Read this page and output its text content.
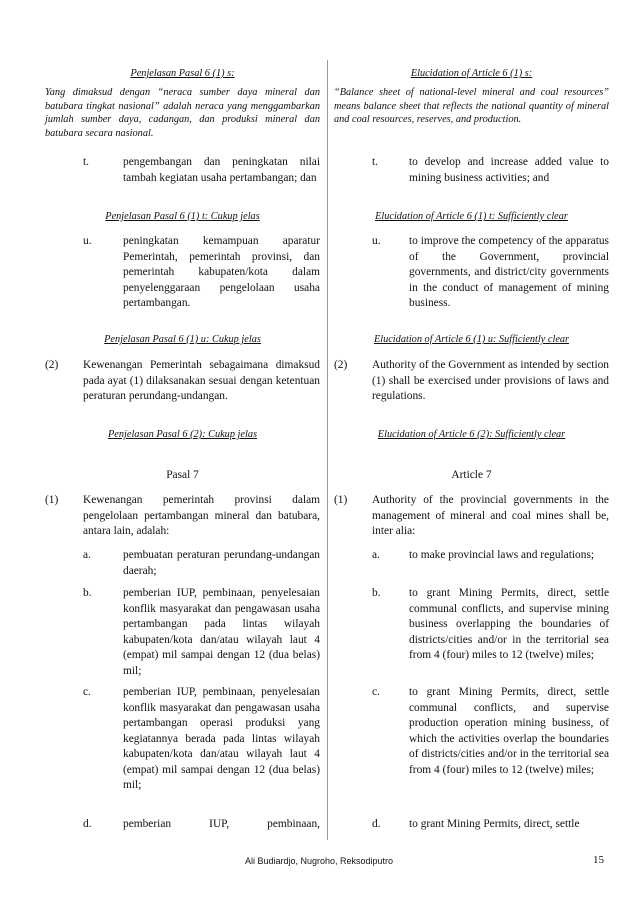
Penjelasan Pasal 6 (1) s:
Yang dimaksud dengan “neraca sumber daya mineral dan batubara tingkat nasional” adalah neraca yang menggambarkan jumlah sumber daya, cadangan, dan produksi mineral dan batubara secara nasional.
t.	pengembangan dan peningkatan nilai tambah kegiatan usaha pertambangan; dan
Penjelasan Pasal 6 (1) t: Cukup jelas
u.	peningkatan kemampuan aparatur Pemerintah, pemerintah provinsi, dan pemerintah kabupaten/kota dalam penyelenggaraan pengelolaan usaha pertambangan.
Penjelasan Pasal 6 (1) u: Cukup jelas
(2) Kewenangan Pemerintah sebagaimana dimaksud pada ayat (1) dilaksanakan sesuai dengan ketentuan peraturan perundang-undangan.
Penjelasan Pasal 6 (2): Cukup jelas
Pasal 7
(1) Kewenangan pemerintah provinsi dalam pengelolaan pertambangan mineral dan batubara, antara lain, adalah:
a.	pembuatan peraturan perundang-undangan daerah;
b.	pemberian IUP, pembinaan, penyelesaian konflik masyarakat dan pengawasan usaha pertambangan pada lintas wilayah kabupaten/kota dan/atau wilayah laut 4 (empat) mil sampai dengan 12 (dua belas) mil;
c.	pemberian IUP, pembinaan, penyelesaian konflik masyarakat dan pengawasan usaha pertambangan operasi produksi yang kegiatannya berada pada lintas wilayah kabupaten/kota dan/atau wilayah laut 4 (empat) mil sampai dengan 12 (dua belas) mil;
d.	pemberian IUP, pembinaan,
Elucidation of Article 6 (1) s:
“Balance sheet of national-level mineral and coal resources” means balance sheet that reflects the national quantity of mineral and coal resources, reserves, and production.
t.	to develop and increase added value to mining business activities; and
Elucidation of Article 6 (1) t: Sufficiently clear
u. to improve the competency of the apparatus of the Government, provincial governments, and district/city governments in the conduct of management of mining business.
Elucidation of Article 6 (1) u: Sufficiently clear
(2) Authority of the Government as intended by section (1) shall be exercised under provisions of laws and regulations.
Elucidation of Article 6 (2): Sufficiently clear
Article 7
(1) Authority of the provincial governments in the management of mineral and coal mines shall be, inter alia:
a.	to make provincial laws and regulations;
b. to grant Mining Permits, direct, settle communal conflicts, and supervise mining business overlapping the boundaries of districts/cities and/or in the territorial sea from 4 (four) miles to 12 (twelve) miles;
c.	to grant Mining Permits, direct, settle communal conflicts, and supervise production operation mining business, of which the activities overlap the boundaries of districts/cities and/or in the territorial sea from 4 (four) miles to 12 (twelve) miles;
d. to grant Mining Permits, direct, settle
Ali Budiardjo, Nugroho, Reksodiputro	15
